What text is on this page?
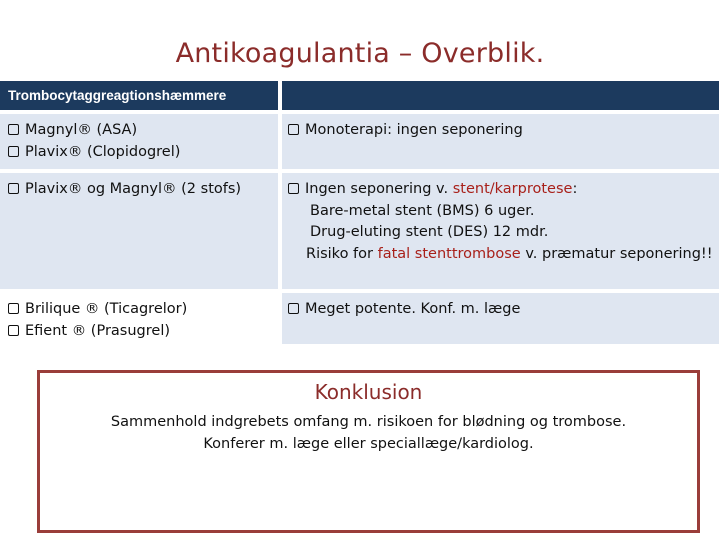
Antikoagulantia – Overblik.
Trombocytaggreagtionshæmmere
Magnyl® (ASA)
Plavix® (Clopidogrel)
Monoterapi: ingen seponering
Plavix® og Magnyl® (2 stofs)	Ingen seponering v. stent/karprotese:
Bare-metal stent (BMS) 6 uger.
Drug-eluting stent (DES) 12 mdr.
Risiko for fatal stenttrombose v. præmatur seponering!!
Brilique ® (Ticagrelor)
Efient ® (Prasugrel)
Meget potente. Konf. m. læge
Konklusion
Sammenhold indgrebets omfang m. risikoen for blødning og trombose.
Konferer m. læge eller speciallæge/kardiolog.
